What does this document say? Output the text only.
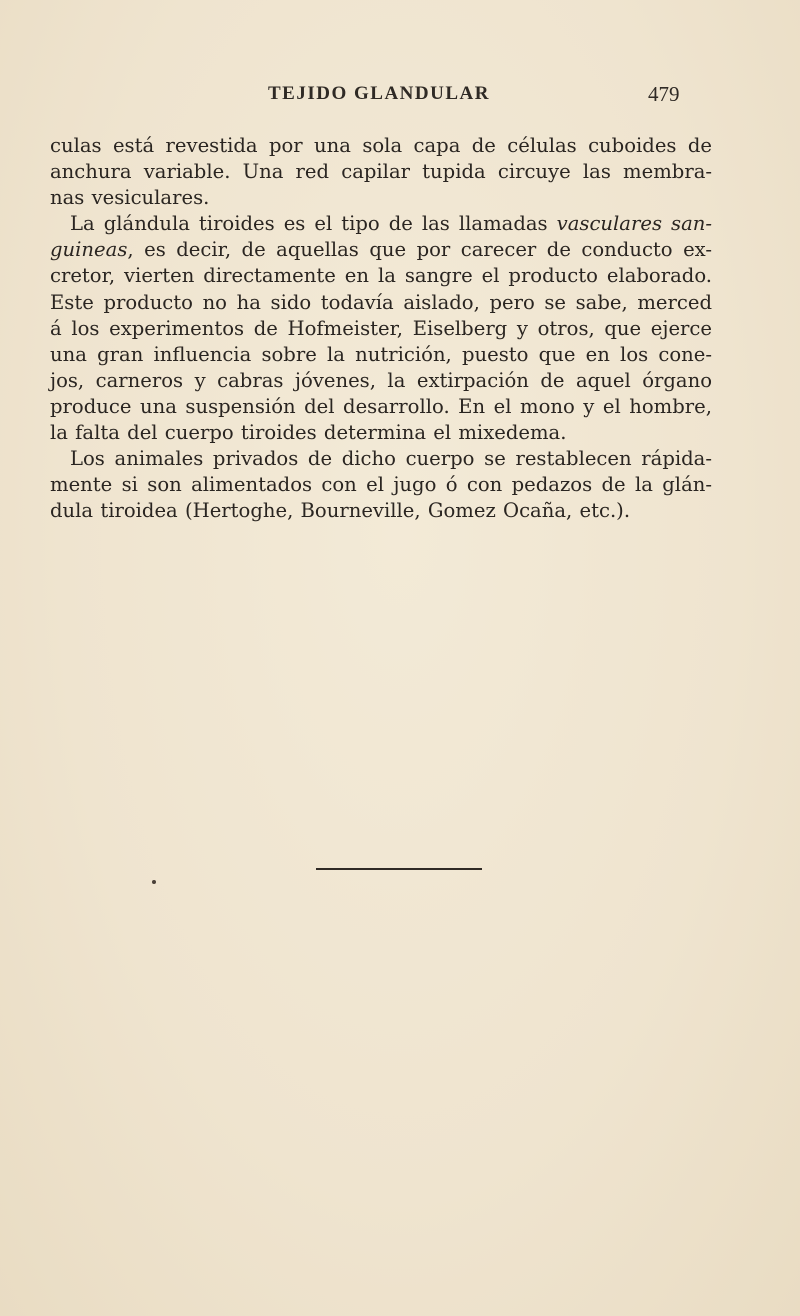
TEJIDO GLANDULAR	479
culas está revestida por una sola capa de células cuboides de
anchura variable. Una red capilar tupida circuye las membra-
nas vesiculares.
La glándula tiroides es el tipo de las llamadas vasculares san-
guineas, es decir, de aquellas que por carecer de conducto ex-
cretor, vierten directamente en la sangre el producto elaborado.
Este producto no ha sido todavía aislado, pero se sabe, merced
á los experimentos de Hofmeister, Eiselberg y otros, que ejerce
una gran influencia sobre la nutrición, puesto que en los cone-
jos, carneros y cabras jóvenes, la extirpación de aquel órgano
produce una suspensión del desarrollo. En el mono y el hombre,
la falta del cuerpo tiroides determina el mixedema.
Los animales privados de dicho cuerpo se restablecen rápida-
mente si son alimentados con el jugo ó con pedazos de la glán-
dula tiroidea (Hertoghe, Bourneville, Gomez Ocaña, etc.).
